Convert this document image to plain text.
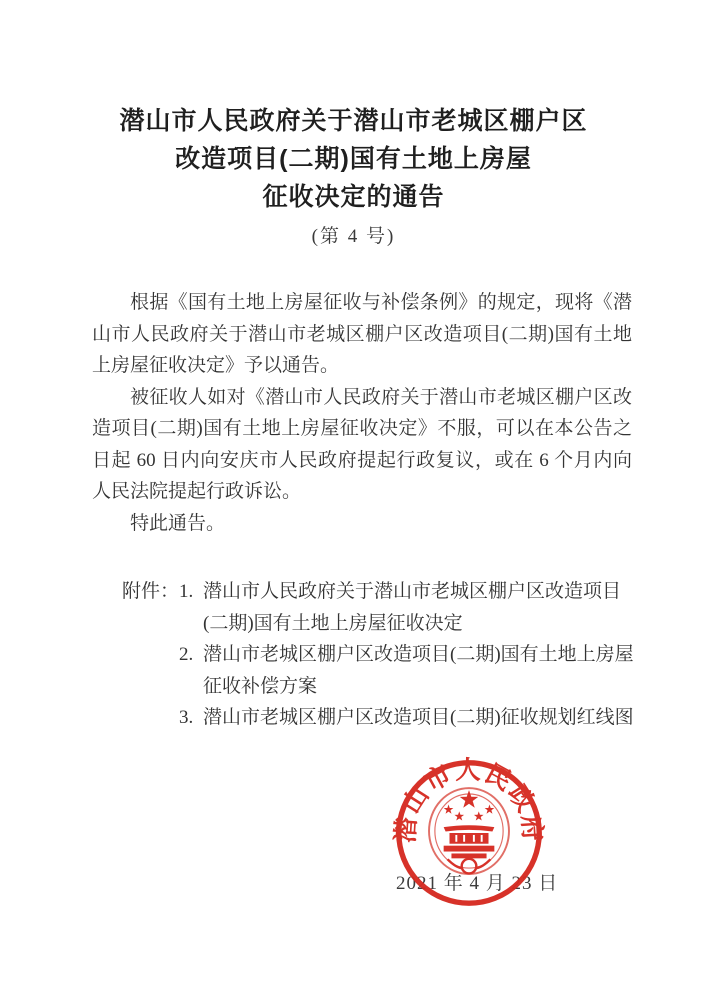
潜山市人民政府关于潜山市老城区棚户区
改造项目(二期)国有土地上房屋
征收决定的通告
(第 4 号)

根据《国有土地上房屋征收与补偿条例》的规定，现将《潜山市人民政府关于潜山市老城区棚户区改造项目(二期)国有土地上房屋征收决定》予以通告。

被征收人如对《潜山市人民政府关于潜山市老城区棚户区改造项目(二期)国有土地上房屋征收决定》不服，可以在本公告之日起 60 日内向安庆市人民政府提起行政复议，或在 6 个月内向人民法院提起行政诉讼。

特此通告。

附件： 1. 潜山市人民政府关于潜山市老城区棚户区改造项目(二期)国有土地上房屋征收决定
2. 潜山市老城区棚户区改造项目(二期)国有土地上房屋征收补偿方案
3. 潜山市老城区棚户区改造项目(二期)征收规划红线图
2021 年 4 月 23 日
潜山市人民政府
